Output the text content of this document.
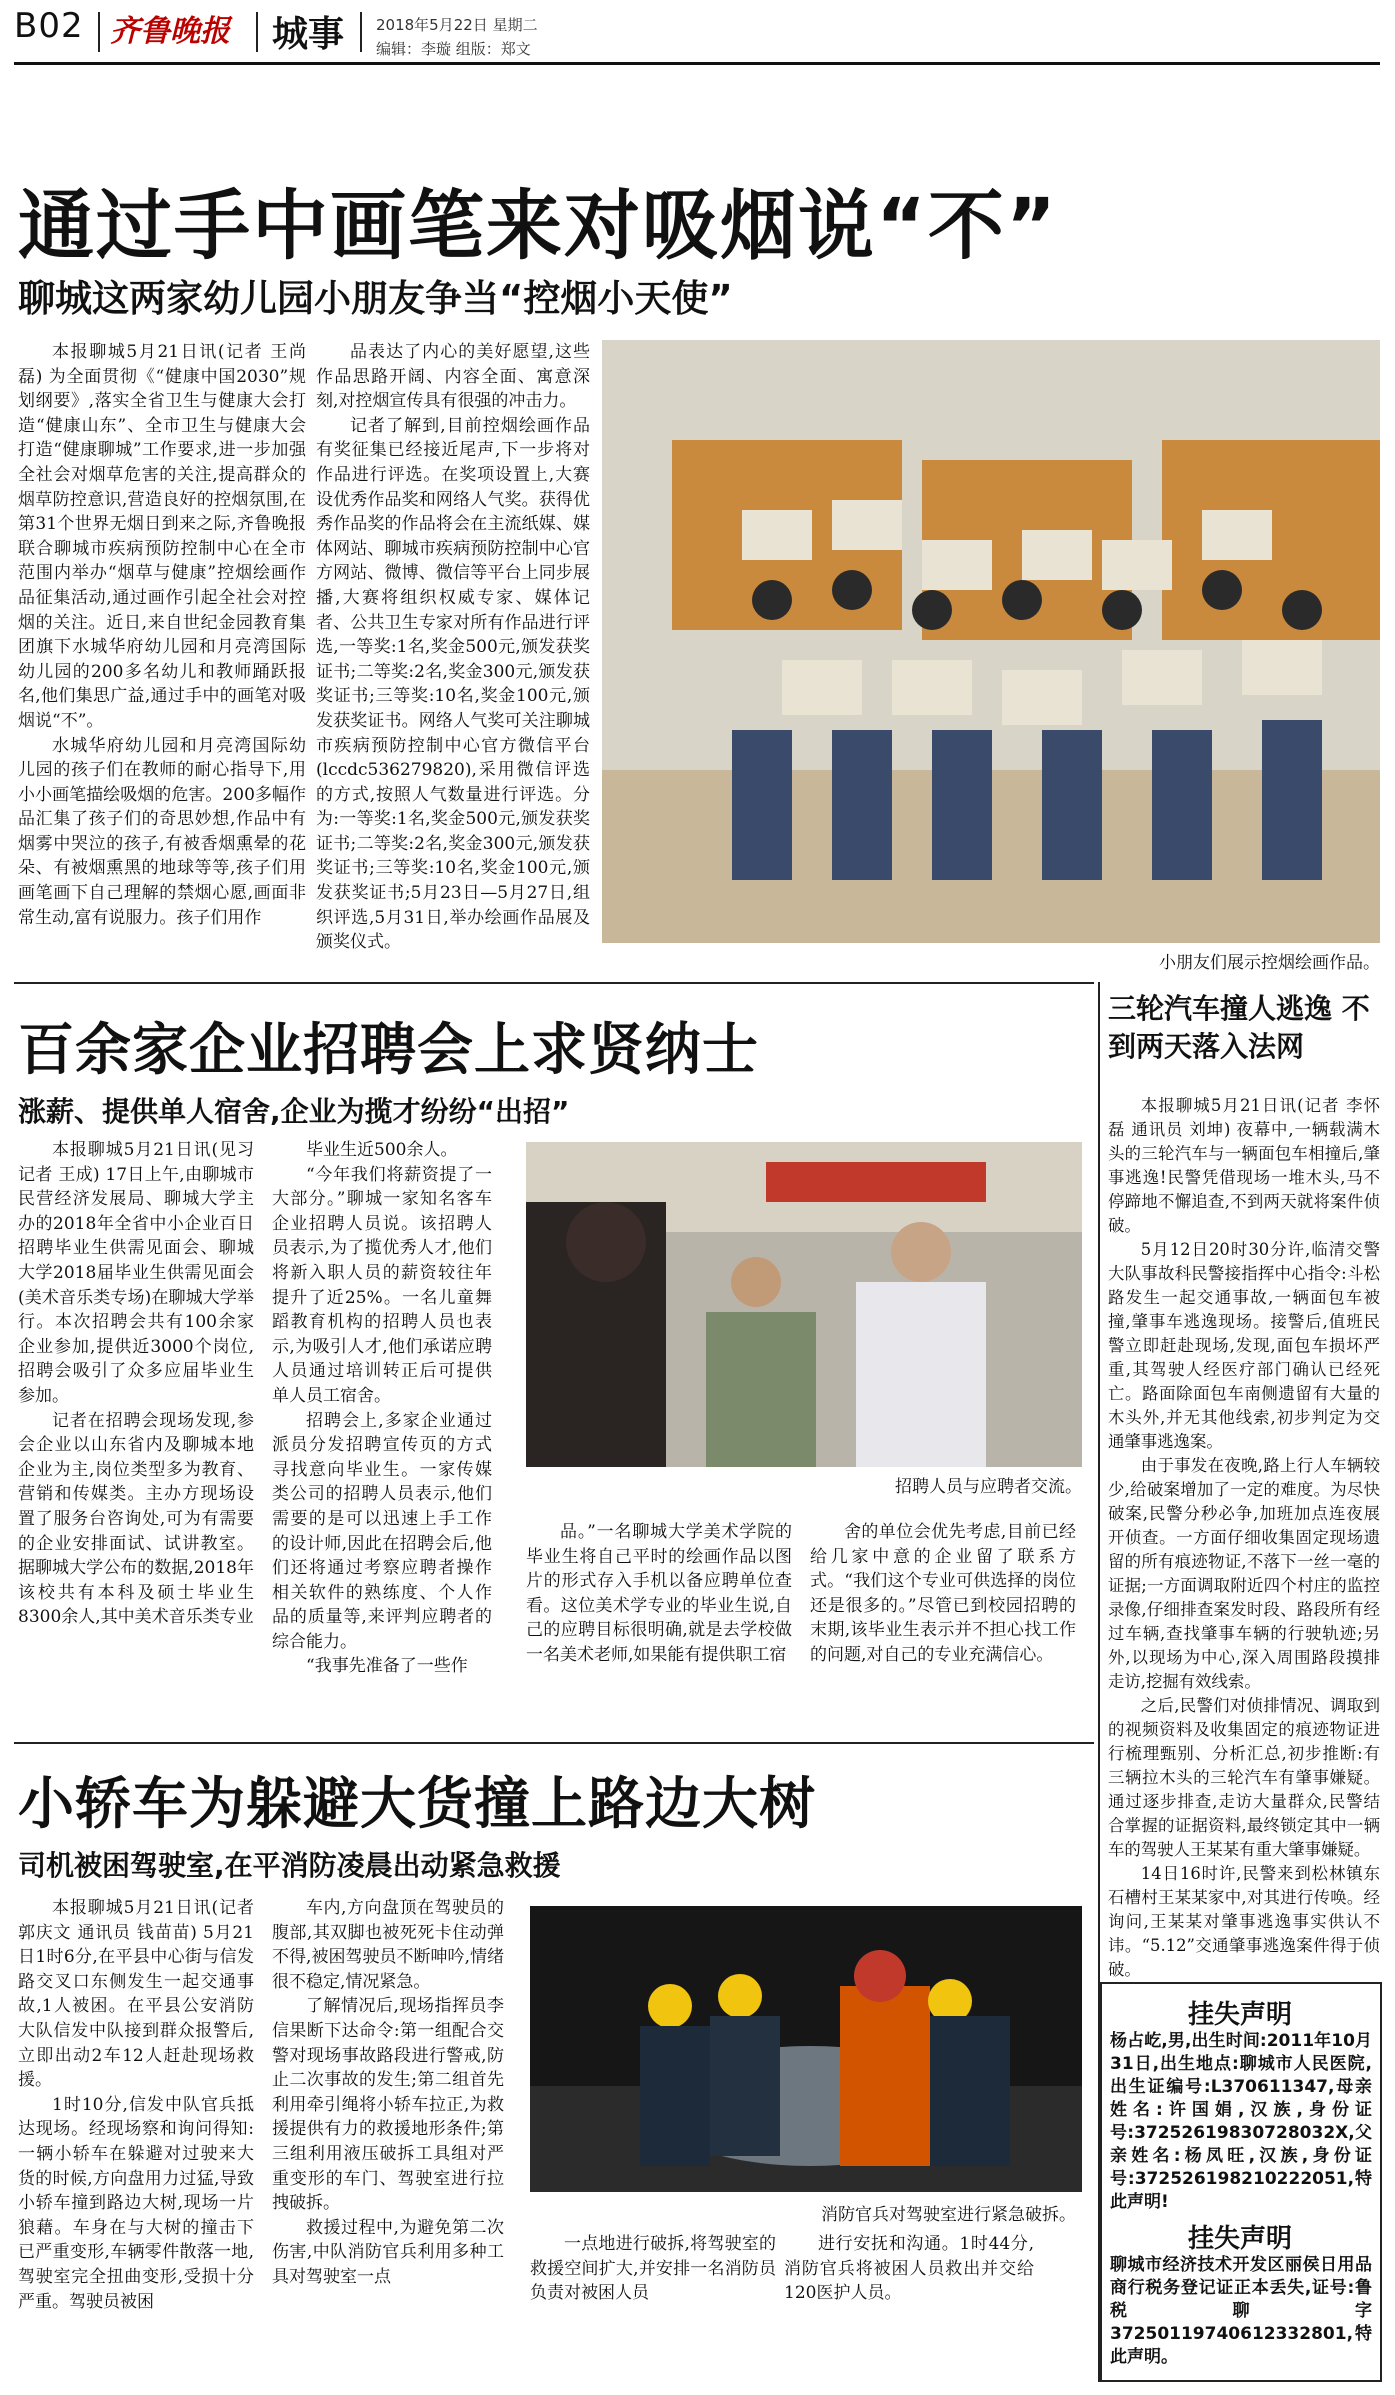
B02 齐鲁晚报 城事 2018年5月22日 星期二
编辑：李璇 组版：郑文
通过手中画笔来对吸烟说“不”
聊城这两家幼儿园小朋友争当“控烟小天使”

本报聊城5月21日讯(记者 王尚磊) 为全面贯彻《“健康中国2030”规划纲要》,落实全省卫生与健康大会打造“健康山东”、全市卫生与健康大会打造“健康聊城”工作要求,进一步加强全社会对烟草危害的关注,提高群众的烟草防控意识,营造良好的控烟氛围,在第31个世界无烟日到来之际,齐鲁晚报联合聊城市疾病预防控制中心在全市范围内举办“烟草与健康”控烟绘画作品征集活动,通过画作引起全社会对控烟的关注。近日,来自世纪金园教育集团旗下水城华府幼儿园和月亮湾国际幼儿园的200多名幼儿和教师踊跃报名,他们集思广益,通过手中的画笔对吸烟说“不”。

水城华府幼儿园和月亮湾国际幼儿园的孩子们在教师的耐心指导下,用小小画笔描绘吸烟的危害。200多幅作品汇集了孩子们的奇思妙想,作品中有烟雾中哭泣的孩子,有被香烟熏晕的花朵、有被烟熏黑的地球等等,孩子们用画笔画下自己理解的禁烟心愿,画面非常生动,富有说服力。孩子们用作

品表达了内心的美好愿望,这些作品思路开阔、内容全面、寓意深刻,对控烟宣传具有很强的冲击力。

记者了解到,目前控烟绘画作品有奖征集已经接近尾声,下一步将对作品进行评选。在奖项设置上,大赛设优秀作品奖和网络人气奖。获得优秀作品奖的作品将会在主流纸媒、媒体网站、聊城市疾病预防控制中心官方网站、微博、微信等平台上同步展播,大赛将组织权威专家、媒体记者、公共卫生专家对所有作品进行评选,一等奖:1名,奖金500元,颁发获奖证书;二等奖:2名,奖金300元,颁发获奖证书;三等奖:10名,奖金100元,颁发获奖证书。网络人气奖可关注聊城市疾病预防控制中心官方微信平台(lccdc536279820),采用微信评选的方式,按照人气数量进行评选。分为:一等奖:1名,奖金500元,颁发获奖证书;二等奖:2名,奖金300元,颁发获奖证书;三等奖:10名,奖金100元,颁发获奖证书;5月23日—5月27日,组织评选,5月31日,举办绘画作品展及颁奖仪式。

小朋友们展示控烟绘画作品。
百余家企业招聘会上求贤纳士
涨薪、提供单人宿舍,企业为揽才纷纷“出招”

本报聊城5月21日讯(见习记者 王成) 17日上午,由聊城市民营经济发展局、聊城大学主办的2018年全省中小企业百日招聘毕业生供需见面会、聊城大学2018届毕业生供需见面会(美术音乐类专场)在聊城大学举行。本次招聘会共有100余家企业参加,提供近3000个岗位,招聘会吸引了众多应届毕业生参加。

记者在招聘会现场发现,参会企业以山东省内及聊城本地企业为主,岗位类型多为教育、营销和传媒类。主办方现场设置了服务台咨询处,可为有需要的企业安排面试、试讲教室。据聊城大学公布的数据,2018年该校共有本科及硕士毕业生8300余人,其中美术音乐类专业

毕业生近500余人。

“今年我们将薪资提了一大部分。”聊城一家知名客车企业招聘人员说。该招聘人员表示,为了揽优秀人才,他们将新入职人员的薪资较往年提升了近25%。一名儿童舞蹈教育机构的招聘人员也表示,为吸引人才,他们承诺应聘人员通过培训转正后可提供单人员工宿舍。

招聘会上,多家企业通过派员分发招聘宣传页的方式寻找意向毕业生。一家传媒类公司的招聘人员表示,他们需要的是可以迅速上手工作的设计师,因此在招聘会后,他们还将通过考察应聘者操作相关软件的熟练度、个人作品的质量等,来评判应聘者的综合能力。

“我事先准备了一些作

招聘人员与应聘者交流。

品。”一名聊城大学美术学院的毕业生将自己平时的绘画作品以图片的形式存入手机以备应聘单位查看。这位美术学专业的毕业生说,自己的应聘目标很明确,就是去学校做一名美术老师,如果能有提供职工宿

舍的单位会优先考虑,目前已经给几家中意的企业留了联系方式。“我们这个专业可供选择的岗位还是很多的。”尽管已到校园招聘的末期,该毕业生表示并不担心找工作的问题,对自己的专业充满信心。

小轿车为躲避大货撞上路边大树
司机被困驾驶室,在平消防凌晨出动紧急救援

本报聊城5月21日讯(记者 郭庆文 通讯员 钱苗苗) 5月21日1时6分,在平县中心街与信发路交叉口东侧发生一起交通事故,1人被困。在平县公安消防大队信发中队接到群众报警后,立即出动2车12人赶赴现场救援。

1时10分,信发中队官兵抵达现场。经现场察和询问得知:一辆小轿车在躲避对过驶来大货的时候,方向盘用力过猛,导致小轿车撞到路边大树,现场一片狼藉。车身在与大树的撞击下已严重变形,车辆零件散落一地,驾驶室完全扭曲变形,受损十分严重。驾驶员被困

车内,方向盘顶在驾驶员的腹部,其双脚也被死死卡住动弹不得,被困驾驶员不断呻吟,情绪很不稳定,情况紧急。

了解情况后,现场指挥员李信果断下达命令:第一组配合交警对现场事故路段进行警戒,防止二次事故的发生;第二组首先利用牵引绳将小轿车拉正,为救援提供有力的救援地形条件;第三组利用液压破拆工具组对严重变形的车门、驾驶室进行拉拽破拆。

救援过程中,为避免第二次伤害,中队消防官兵利用多种工具对驾驶室一点

消防官兵对驾驶室进行紧急破拆。

一点地进行破拆,将驾驶室的救援空间扩大,并安排一名消防员负责对被困人员

进行安抚和沟通。1时44分,消防官兵将被困人员救出并交给120医护人员。

三轮汽车撞人逃逸 不到两天落入法网

本报聊城5月21日讯(记者 李怀磊 通讯员 刘坤) 夜幕中,一辆载满木头的三轮汽车与一辆面包车相撞后,肇事逃逸!民警凭借现场一堆木头,马不停蹄地不懈追查,不到两天就将案件侦破。

5月12日20时30分许,临清交警大队事故科民警接指挥中心指令:斗松路发生一起交通事故,一辆面包车被撞,肇事车逃逸现场。接警后,值班民警立即赶赴现场,发现,面包车损坏严重,其驾驶人经医疗部门确认已经死亡。路面除面包车南侧遗留有大量的木头外,并无其他线索,初步判定为交通肇事逃逸案。

由于事发在夜晚,路上行人车辆较少,给破案增加了一定的难度。为尽快破案,民警分秒必争,加班加点连夜展开侦查。一方面仔细收集固定现场遗留的所有痕迹物证,不落下一丝一毫的证据;一方面调取附近四个村庄的监控录像,仔细排查案发时段、路段所有经过车辆,查找肇事车辆的行驶轨迹;另外,以现场为中心,深入周围路段摸排走访,挖掘有效线索。

之后,民警们对侦排情况、调取到的视频资料及收集固定的痕迹物证进行梳理甄别、分析汇总,初步推断:有三辆拉木头的三轮汽车有肇事嫌疑。通过逐步排查,走访大量群众,民警结合掌握的证据资料,最终锁定其中一辆车的驾驶人王某某有重大肇事嫌疑。

14日16时许,民警来到松林镇东石槽村王某某家中,对其进行传唤。经询问,王某某对肇事逃逸事实供认不讳。“5.12”交通肇事逃逸案件得于侦破。

挂失声明
杨占屹,男,出生时间:2011年10月31日,出生地点:聊城市人民医院,出生证编号:L370611347,母亲姓名:许国娟,汉族,身份证号:372526198307280​32X,父亲姓名:杨凤旺,汉族,身份证号:372526198210222051,特此声明!
挂失声明
聊城市经济技术开发区丽侯日用品商行税务登记证正本丢失,证号:鲁税聊字372501197406123328​01,特此声明。
